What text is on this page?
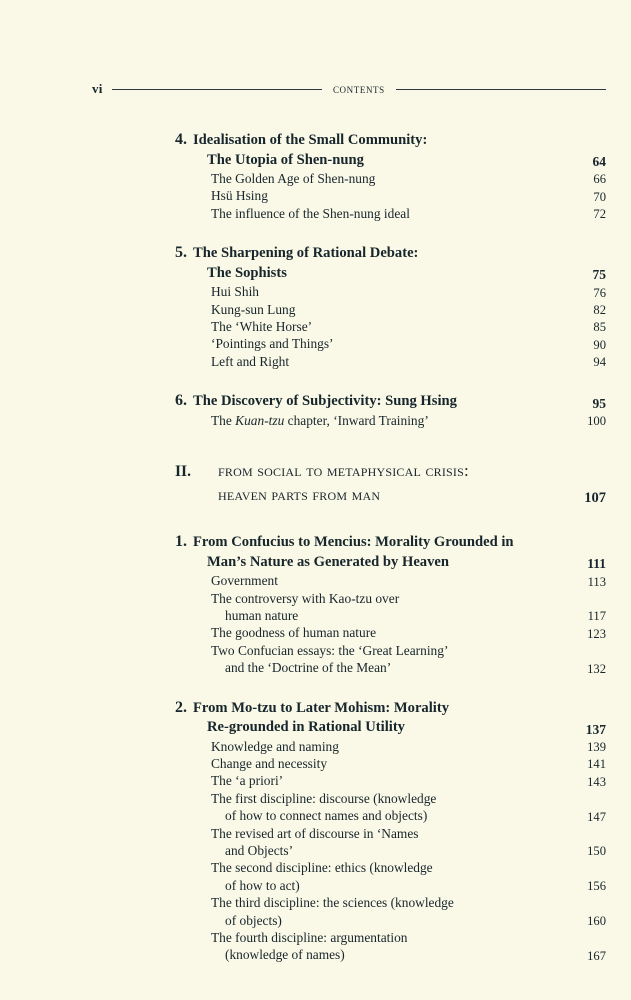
vi	contents
4. Idealisation of the Small Community:
The Utopia of Shen-nung	64
The Golden Age of Shen-nung	66
Hsü Hsing	70
The influence of the Shen-nung ideal	72
5. The Sharpening of Rational Debate:
The Sophists	75
Hui Shih	76
Kung-sun Lung	82
The ‘White Horse’	85
‘Pointings and Things’	90
Left and Right	94
6. The Discovery of Subjectivity: Sung Hsing	95
The Kuan-tzu chapter, ‘Inward Training’	100
II.	from social to metaphysical crisis:
heaven parts from man	107
1. From Confucius to Mencius: Morality Grounded in
Man’s Nature as Generated by Heaven	111
Government	113
The controversy with Kao-tzu over
human nature	117
The goodness of human nature	123
Two Confucian essays: the ‘Great Learning’
and the ‘Doctrine of the Mean’	132
2. From Mo-tzu to Later Mohism: Morality
Re-grounded in Rational Utility	137
Knowledge and naming	139
Change and necessity	141
The ‘a priori’	143
The first discipline: discourse (knowledge
of how to connect names and objects)	147
The revised art of discourse in ‘Names
and Objects’	150
The second discipline: ethics (knowledge
of how to act)	156
The third discipline: the sciences (knowledge
of objects)	160
The fourth discipline: argumentation
(knowledge of names)	167
